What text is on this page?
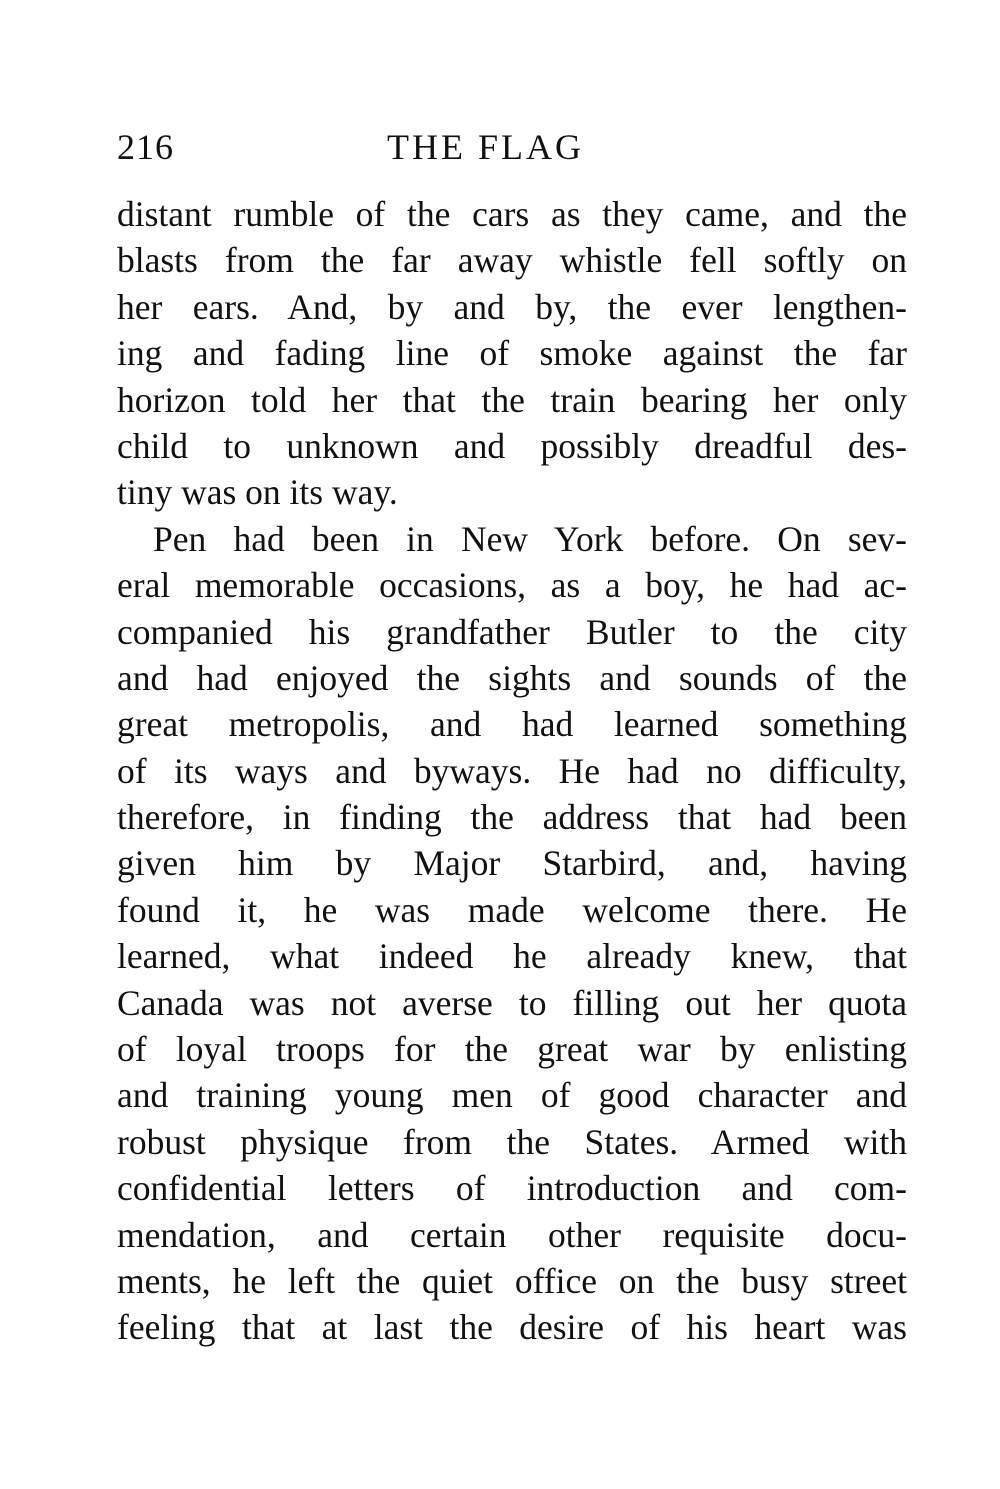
216	THE FLAG
distant rumble of the cars as they came, and the
blasts from the far away whistle fell softly on
her ears. And, by and by, the ever lengthen-
ing and fading line of smoke against the far
horizon told her that the train bearing her only
child to unknown and possibly dreadful des-
tiny was on its way.
Pen had been in New York before. On sev-
eral memorable occasions, as a boy, he had ac-
companied his grandfather Butler to the city
and had enjoyed the sights and sounds of the
great metropolis, and had learned something
of its ways and byways. He had no difficulty,
therefore, in finding the address that had been
given him by Major Starbird, and, having
found it, he was made welcome there. He
learned, what indeed he already knew, that
Canada was not averse to filling out her quota
of loyal troops for the great war by enlisting
and training young men of good character and
robust physique from the States. Armed with
confidential letters of introduction and com-
mendation, and certain other requisite docu-
ments, he left the quiet office on the busy street
feeling that at last the desire of his heart was
